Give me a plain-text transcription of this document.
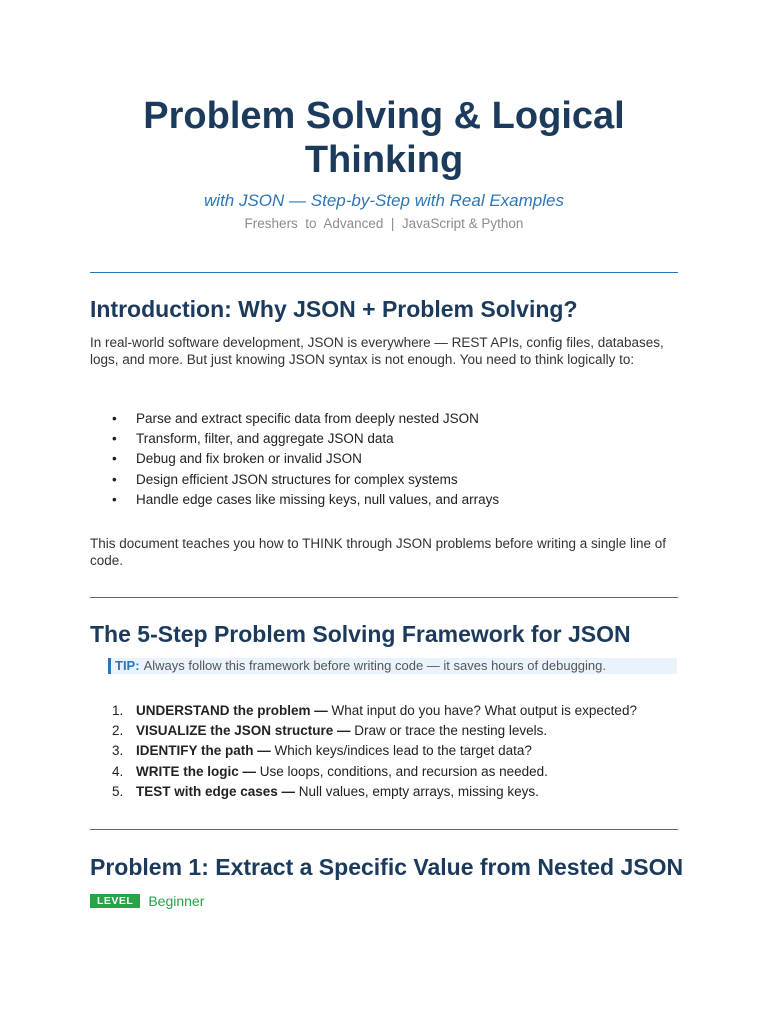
Problem Solving & Logical
Thinking
with JSON — Step-by-Step with Real Examples
Freshers  to  Advanced  |  JavaScript & Python
Introduction: Why JSON + Problem Solving?

In real-world software development, JSON is everywhere — REST APIs, config files, databases, logs, and more. But just knowing JSON syntax is not enough. You need to think logically to:

• Parse and extract specific data from deeply nested JSON
• Transform, filter, and aggregate JSON data
• Debug and fix broken or invalid JSON
• Design efficient JSON structures for complex systems
• Handle edge cases like missing keys, null values, and arrays

This document teaches you how to THINK through JSON problems before writing a single line of code.

The 5-Step Problem Solving Framework for JSON
TIP: Always follow this framework before writing code — it saves hours of debugging.
1. UNDERSTAND the problem — What input do you have? What output is expected?
2. VISUALIZE the JSON structure — Draw or trace the nesting levels.
3. IDENTIFY the path — Which keys/indices lead to the target data?
4. WRITE the logic — Use loops, conditions, and recursion as needed.
5. TEST with edge cases — Null values, empty arrays, missing keys.
Problem 1: Extract a Specific Value from Nested JSON
LEVEL	Beginner
